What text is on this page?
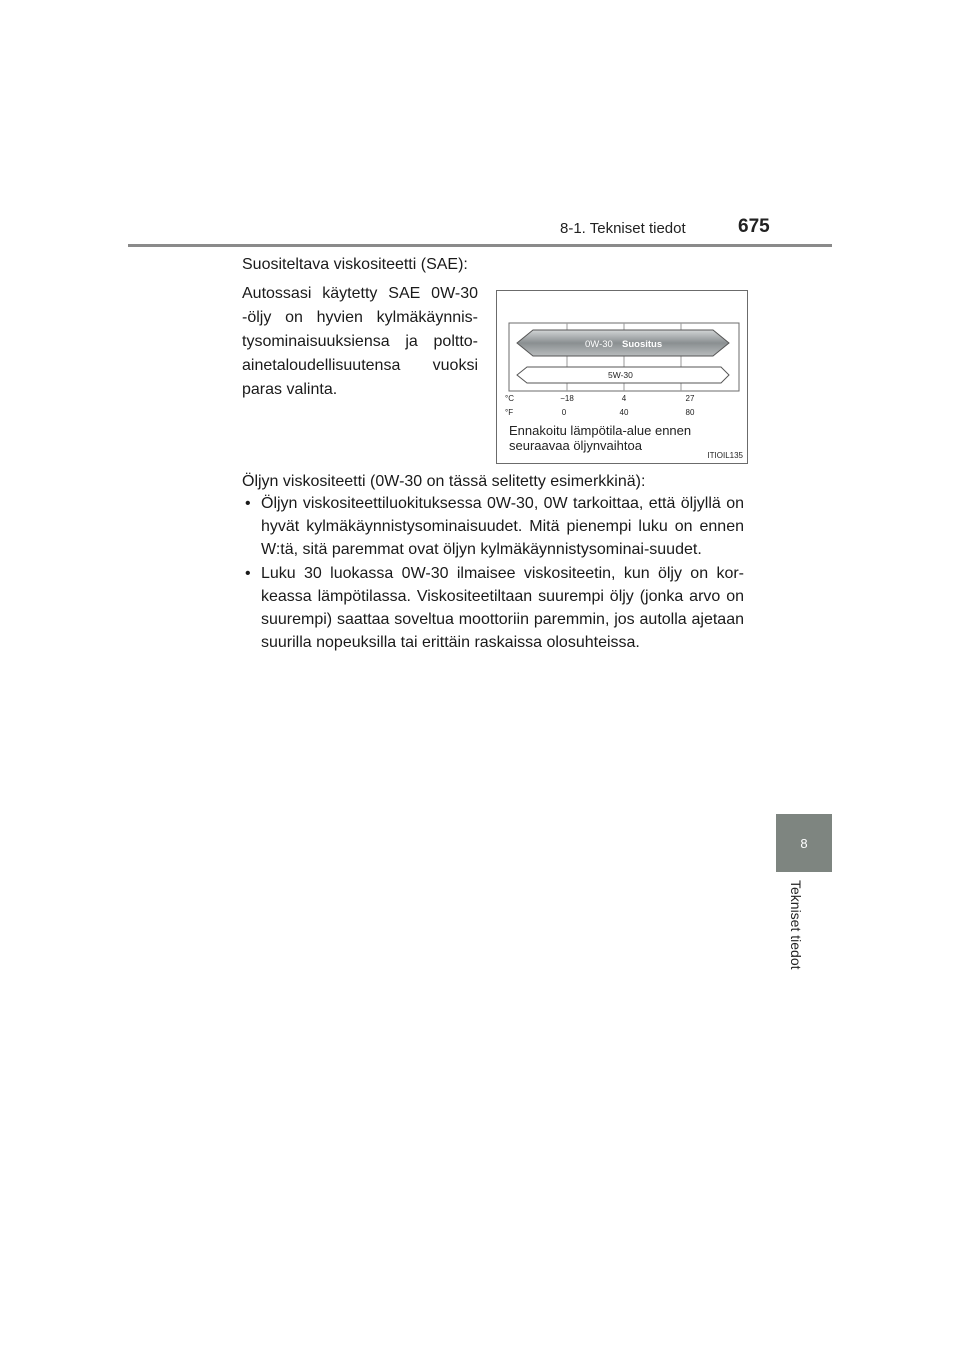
8-1. Tekniset tiedot	675
8
Tekniset tiedot
Suositeltava viskositeetti (SAE):

Autossasi käytetty SAE 0W-30 -öljy on hyvien kylmäkäynnis-tysominaisuuksiensa ja poltto-ainetaloudellisuutensa vuoksi paras valinta.

0W-30 Suositus
5W-30
°C
°F
−18	4	27
0	40	80
Ennakoitu lämpötila-alue ennen
seuraavaa öljynvaihtoa
ITIOIL135
Öljyn viskositeetti (0W-30 on tässä selitetty esimerkkinä):
• Öljyn viskositeettiluokituksessa 0W-30, 0W tarkoittaa, että öljyllä on hyvät kylmäkäynnistysominaisuudet. Mitä pienempi luku on ennen W:tä, sitä paremmat ovat öljyn kylmäkäynnistysominai-suudet.
• Luku 30 luokassa 0W-30 ilmaisee viskositeetin, kun öljy on kor-keassa lämpötilassa. Viskositeetiltaan suurempi öljy (jonka arvo on suurempi) saattaa soveltua moottoriin paremmin, jos autolla ajetaan suurilla nopeuksilla tai erittäin raskaissa olosuhteissa.
